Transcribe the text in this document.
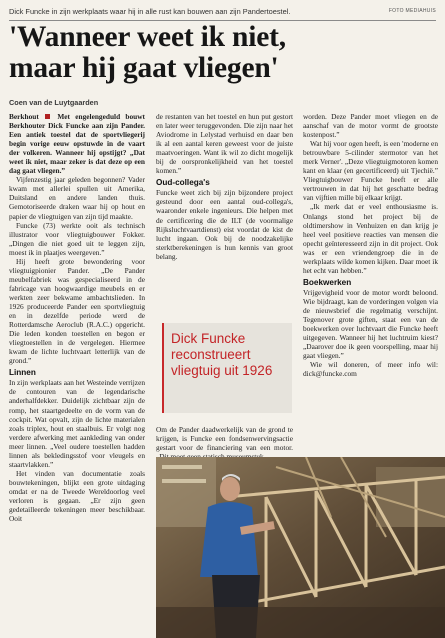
Dick Funcke in zijn werkplaats waar hij in alle rust kan bouwen aan zijn Pandertoestel.	FOTO MEDIAHUIS
'Wanneer weet ik niet,
maar hij gaat vliegen'
Coen van de Luytgaarden

Berkhout	Met engelengeduld bouwt Berkhouter Dick Funcke aan zijn Pander. Een antiek toestel dat de sportvliegerij begin vorige eeuw opstuwde in de vaart der volkeren. Wanneer hij opstijgt? „Dat weet ik niet, maar zeker is dat deze op een dag gaat vliegen.”

Vijfenzestig jaar geleden begonnen? Vader kwam met allerlei spullen uit Amerika, Duitsland en andere landen thuis. Gemotoriseerde draken waar hij op hout en papier de vliegtuigen van zijn tijd maakte.

Funcke (73) werkte ooit als technisch illustrator voor vliegtuigbouwer Fokker. „Dingen die niet goed uit te leggen zijn, moest ik in plaatjes weergeven.”

Hij heeft grote bewondering voor vliegtuigpionier Pander. „De Pander meubelfabriek was gespecialiseerd in de fabricage van hoogwaardige meubels en er werkten zeer bekwame ambachtslieden. In 1926 produceerde Pander een sportvliegtuig en in dezelfde periode werd de Rotterdamsche Aeroclub (R.A.C.) opgericht. Die leden konden toestellen en begon er vliegtoestellen in de vergelegen. Hiermee kwam de lichte luchtvaart letterlijk van de grond.”

Linnen

In zijn werkplaats aan het Westeinde verrijzen de contouren van de legendarische anderhalfdekker. Duidelijk zichtbaar zijn de romp, het staartgedeelte en de vorm van de cockpit. Wat opvalt, zijn de lichte materialen zoals triplex, hout en staalbuis. Er volgt nog verdere afwerking met aankleding van onder meer linnen. „Veel oudere toestellen hadden linnen als bekledingsstof voor vleugels en staartvlakken.”

Het vinden van documentatie zoals bouwtekeningen, blijkt een grote uitdaging omdat er na de Tweede Wereldoorlog veel verloren is gegaan. „Er zijn geen gedetailleerde tekeningen meer beschikbaar. Ooit

de restanten van het toestel en hun put gestort en later weer teruggevonden. Die zijn naar het Aviodrome in Lelystad verhuisd en daar ben ik al een aantal keren geweest voor de juiste maatvoeringen. Want ik wil zo dicht mogelijk bij de oorspronkelijkheid van het toestel komen.”

Oud-collega's

Funcke weet zich bij zijn bijzondere project gesteund door een aantal oud-collega's, waaronder enkele ingenieurs. Die helpen met de certificering die de ILT (de voormalige Rijksluchtvaartdienst) eist voordat de kist de lucht ingaan. Ook bij de noodzakelijke sterktberekeningen is hun kennis van groot belang.

Dick Funcke reconstrueert vliegtuig uit 1926

Om de Pander daadwerkelijk van de grond te krijgen, is Funcke een fondsenwervingsactie gestart voor de financiering van een motor.

worden. Deze Pander moet vliegen en de aanschaf van de motor vormt de grootste kostenpost.”

Wat hij voor ogen heeft, is een 'moderne en betrouwbare 5-cilinder stermotor van het merk Verner'. „Deze vliegtuigmotoren komen kant en klaar (en gecertificeerd) uit Tjechië.” Vliegtuigbouwer Funcke heeft er alle vertrouwen in dat hij het geschatte bedrag van vijftien mille bij elkaar krijgt.

„Ik merk dat er veel enthousiasme is. Onlangs stond het project bij de oldtimershow in Venhuizen en dan krijg je heel veel positieve reacties van mensen die opecht geïnteresseerd zijn in dit project. Ook was er een vriendengroep die in de werkplaats wilde komen kijken. Daar moet ik het echt van hebben.”

Boekwerken

Vrijgevigheid voor de motor wordt beloond. Wie bijdraagt, kan de vorderingen volgen via de nieuwsbrief die regelmatig verschijnt. Tegenover grote giften, staat een van de boekwerken over luchtvaart die Funcke heeft uitgegeven. Wanneer hij het luchtruim kiest? „Daarover doe ik geen voorspelling, maar hij gaat vliegen.”

Wie wil doneren, of meer info wil: dick@funcke.com
